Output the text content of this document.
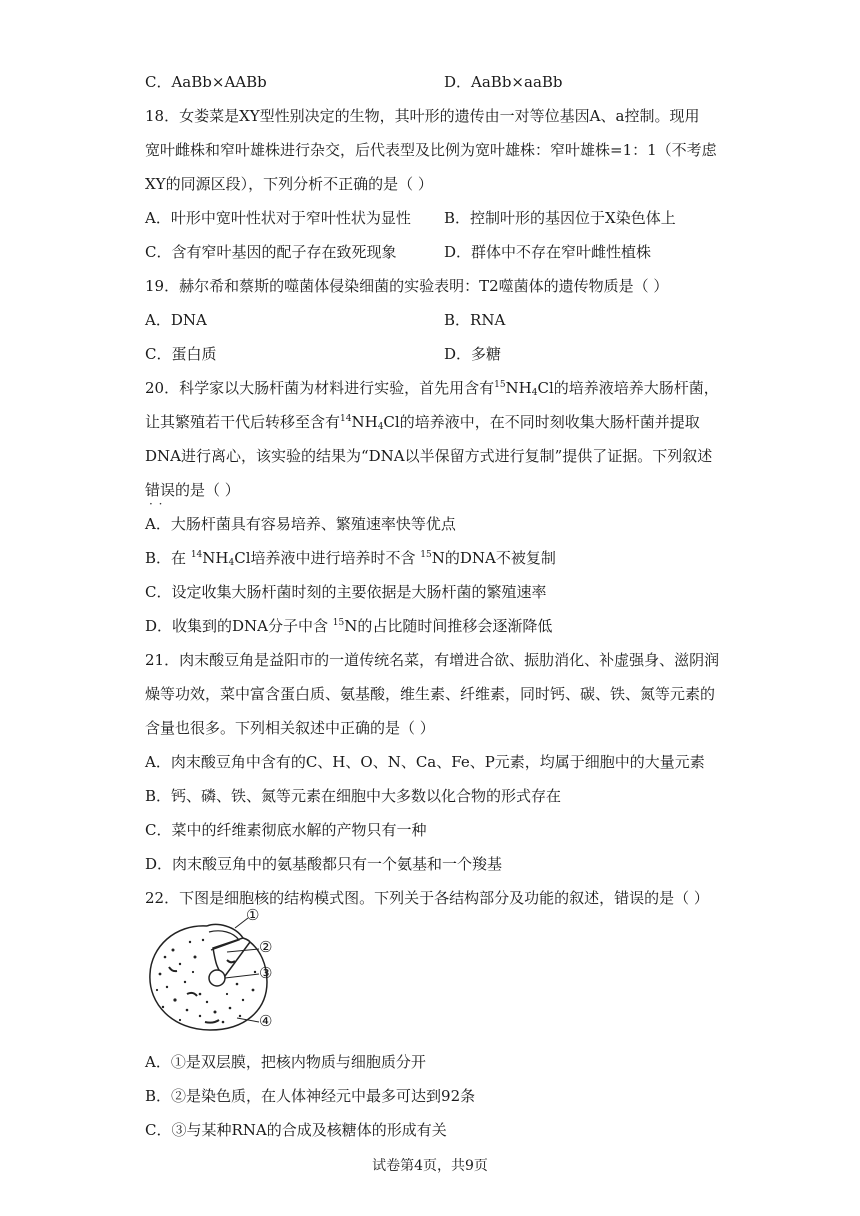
C．AaBb×AABb	D．AaBb×aaBb
18．女娄菜是XY型性别决定的生物，其叶形的遗传由一对等位基因A、a控制。现用
宽叶雌株和窄叶雄株进行杂交，后代表型及比例为宽叶雄株：窄叶雄株=1：1（不考虑
XY的同源区段），下列分析不正确的是（ ）
A．叶形中宽叶性状对于窄叶性状为显性 B．控制叶形的基因位于X染色体上
C．含有窄叶基因的配子存在致死现象	D．群体中不存在窄叶雌性植株
19．赫尔希和蔡斯的噬菌体侵染细菌的实验表明：T2噬菌体的遗传物质是（ ）
A．DNA	B．RNA
C．蛋白质	D．多糖
20．科学家以大肠杆菌为材料进行实验，首先用含有$^{15}NH_4Cl$的培养液培养大肠杆菌，
让其繁殖若干代后转移至含有$^{14}NH_4Cl$的培养液中，在不同时刻收集大肠杆菌并提取
DNA进行离心，该实验的结果为“DNA以半保留方式进行复制”提供了证据。下列叙述
错误 · ·的是（ ）
A．大肠杆菌具有容易培养、繁殖速率快等优点
B．在 $^{14}NH_4Cl$培养液中进行培养时不含 $^{15}$N的DNA不被复制
C．设定收集大肠杆菌时刻的主要依据是大肠杆菌的繁殖速率
D．收集到的DNA分子中含 $^{15}$N的占比随时间推移会逐渐降低
21．肉末酸豆角是益阳市的一道传统名菜，有增进合欲、振肋消化、补虚强身、滋阴润
燥等功效，菜中富含蛋白质、氨基酸，维生素、纤维素，同时钙、碳、铁、氮等元素的
含量也很多。下列相关叙述中正确的是（ ）
A．肉末酸豆角中含有的C、H、O、N、Ca、Fe、P元素，均属于细胞中的大量元素
B．钙、磷、铁、氮等元素在细胞中大多数以化合物的形式存在
C．菜中的纤维素彻底水解的产物只有一种
D．肉末酸豆角中的氨基酸都只有一个氨基和一个羧基
22．下图是细胞核的结构模式图。下列关于各结构部分及功能的叙述，错误的是（ ）
①
②
③
④
A．①是双层膜，把核内物质与细胞质分开
B．②是染色质，在人体神经元中最多可达到92条
C．③与某种RNA的合成及核糖体的形成有关
试卷第4页，共9页
